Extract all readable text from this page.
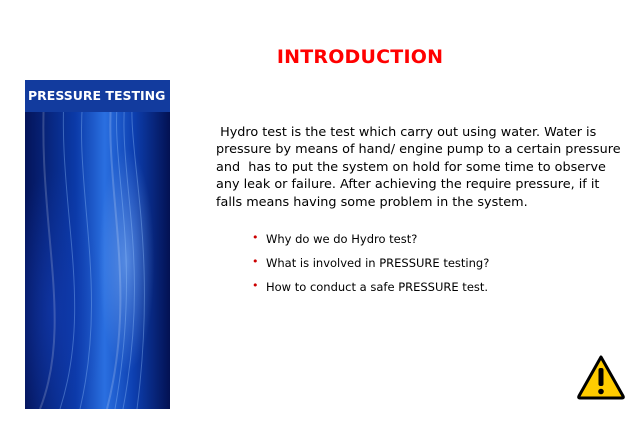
INTRODUCTION
PRESSURE TESTING

Hydro test is the test which carry out using water. Water is pressure by means of hand/ engine pump to a certain pressure and  has to put the system on hold for some time to observe any leak or failure. After achieving the require pressure, if it falls means having some problem in the system.

• Why do we do Hydro test?
• What is involved in PRESSURE testing?
• How to conduct a safe PRESSURE test.
